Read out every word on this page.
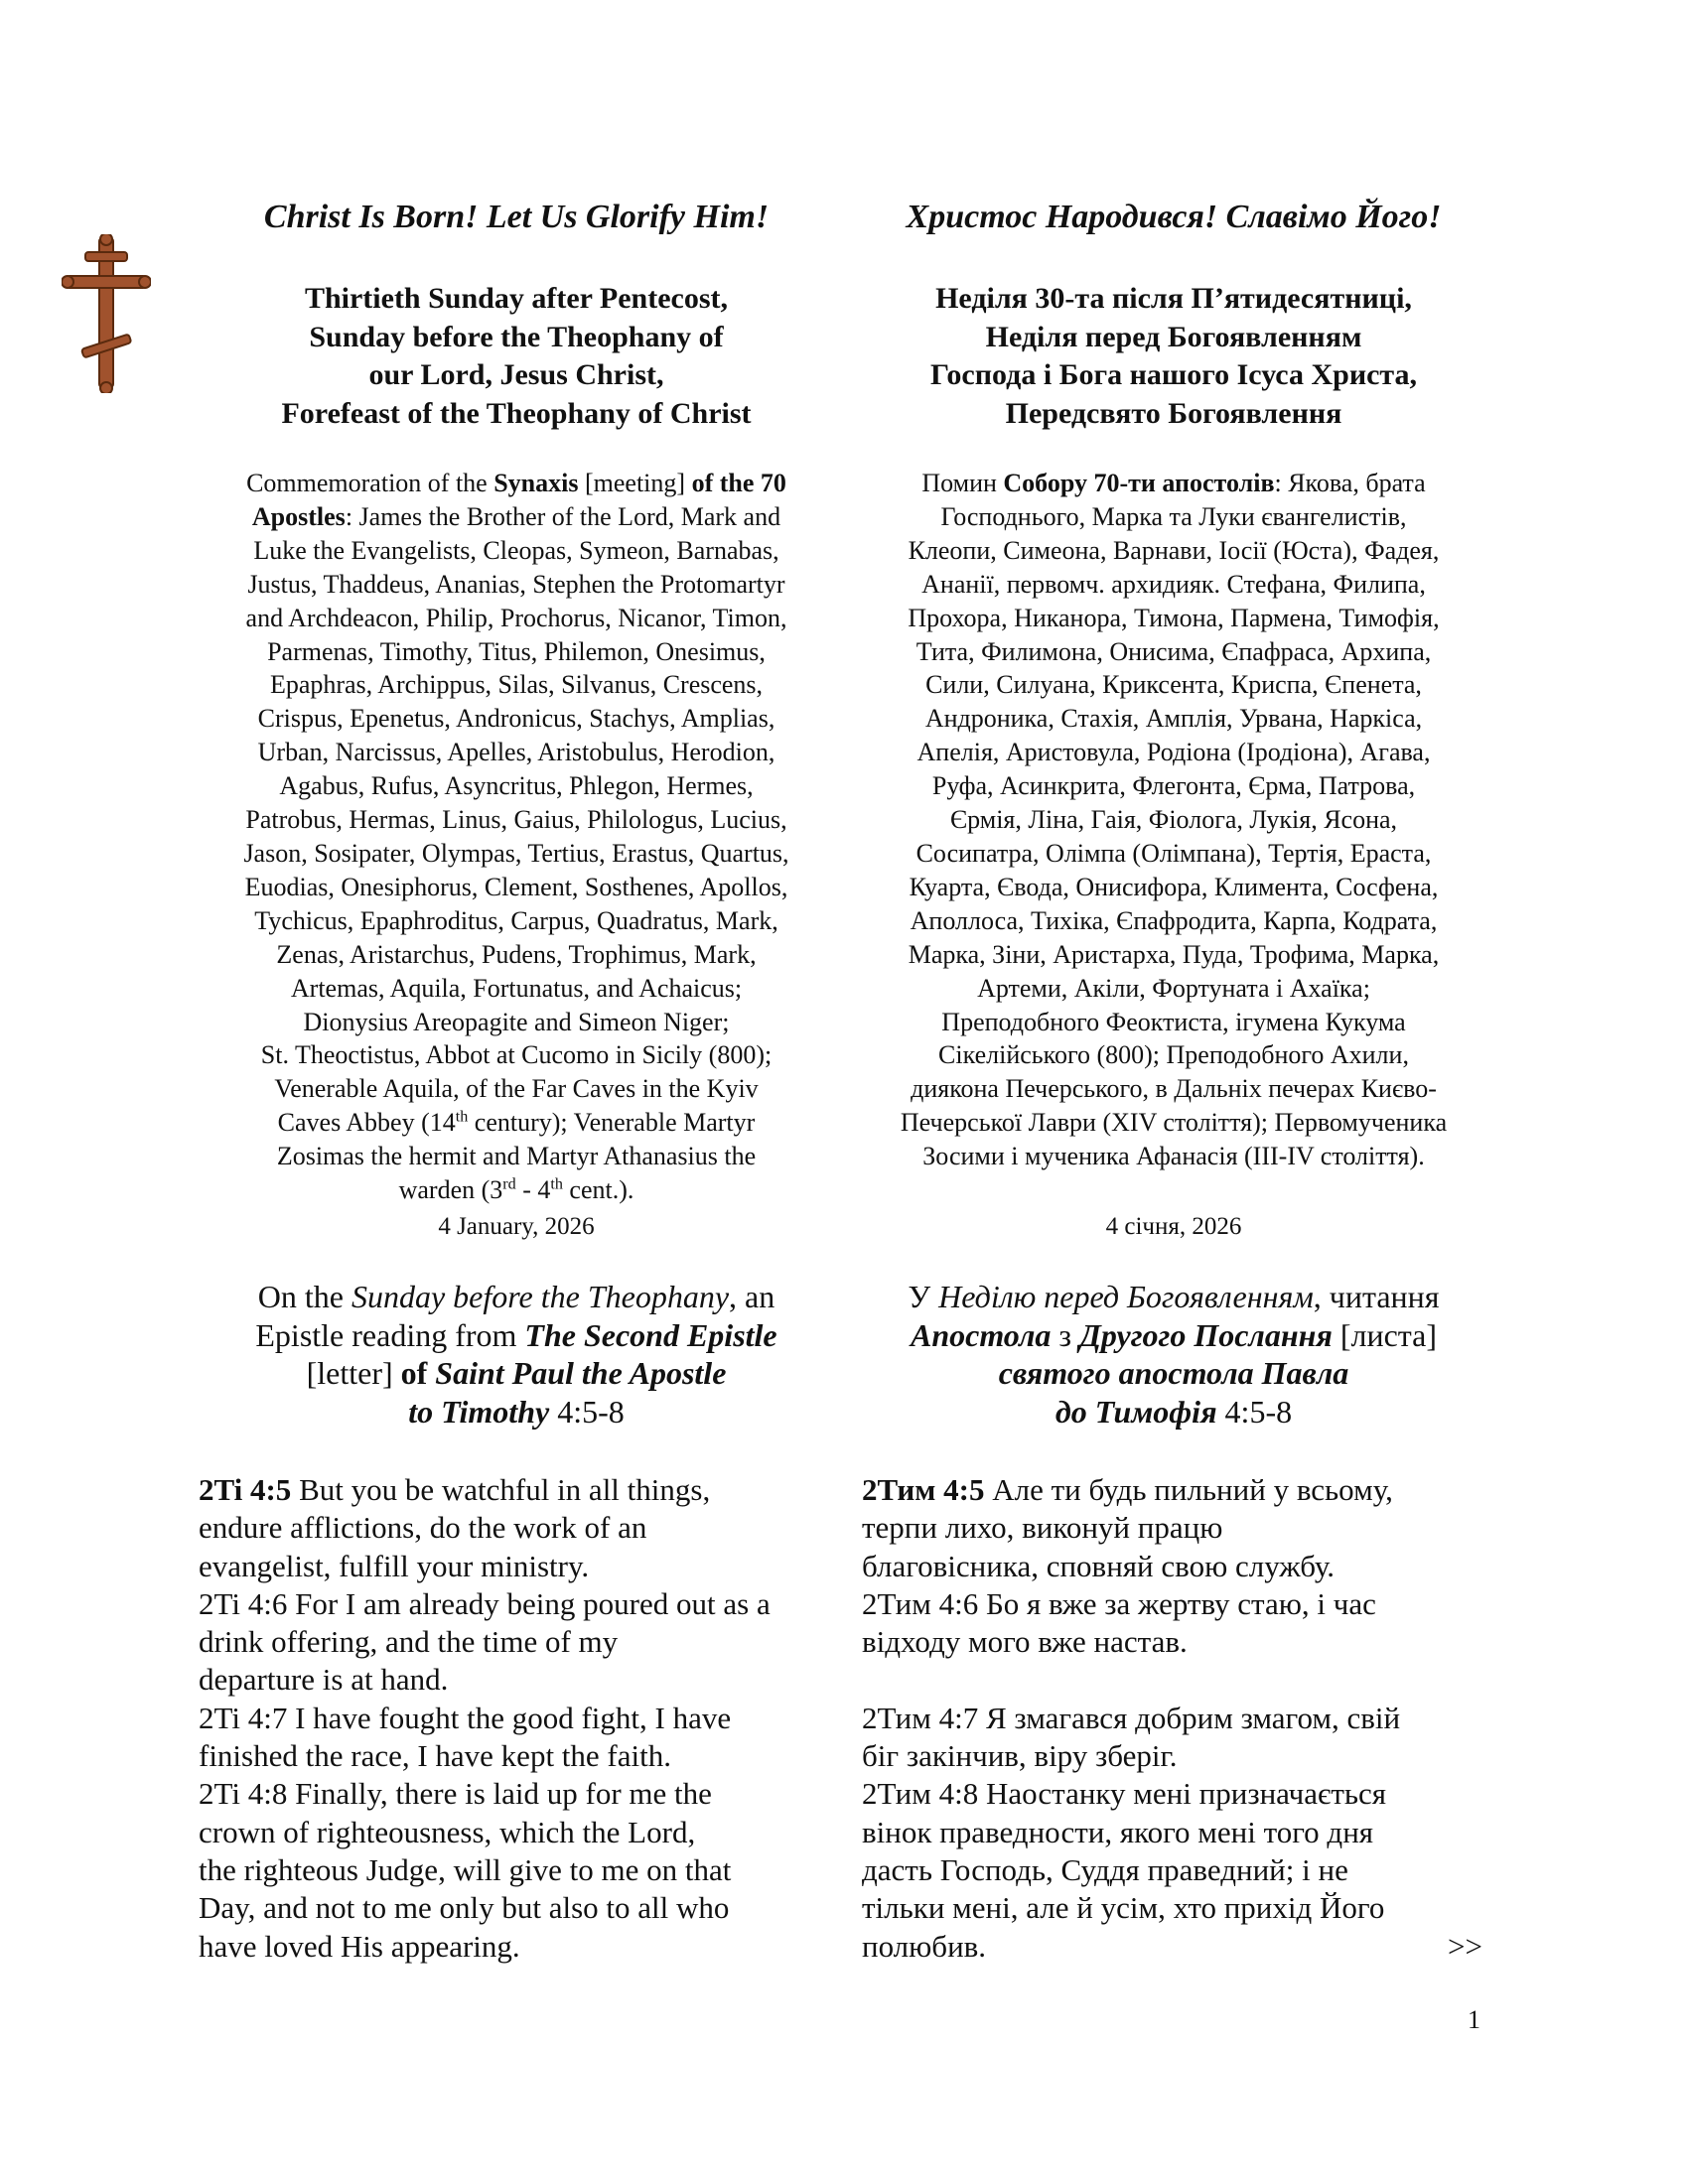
Christ Is Born! Let Us Glorify Him!
Thirtieth Sunday after Pentecost,
Sunday before the Theophany of
our Lord, Jesus Christ,
Forefeast of the Theophany of Christ
Commemoration of the Synaxis [meeting] of the 70
Apostles: James the Brother of the Lord, Mark and
Luke the Evangelists, Cleopas, Symeon, Barnabas,
Justus, Thaddeus, Ananias, Stephen the Protomartyr
and Archdeacon, Philip, Prochorus, Nicanor, Timon,
Parmenas, Timothy, Titus, Philemon, Onesimus,
Epaphras, Archippus, Silas, Silvanus, Crescens,
Crispus, Epenetus, Andronicus, Stachys, Amplias,
Urban, Narcissus, Apelles, Aristobulus, Herodion,
Agabus, Rufus, Asyncritus, Phlegon, Hermes,
Patrobus, Hermas, Linus, Gaius, Philologus, Lucius,
Jason, Sosipater, Olympas, Tertius, Erastus, Quartus,
Euodias, Onesiphorus, Clement, Sosthenes, Apollos,
Tychicus, Epaphroditus, Carpus, Quadratus, Mark,
Zenas, Aristarchus, Pudens, Trophimus, Mark,
Artemas, Aquila, Fortunatus, and Achaicus;
Dionysius Areopagite and Simeon Niger;
St. Theoctistus, Abbot at Cucomo in Sicily (800);
Venerable Aquila, of the Far Caves in the Kyiv
Caves Abbey (14th century); Venerable Martyr
Zosimas the hermit and Martyr Athanasius the
warden (3rd - 4th cent.).
4 January, 2026
On the Sunday before the Theophany, an
Epistle reading from The Second Epistle
[letter] of Saint Paul the Apostle
to Timothy 4:5-8
2Ti 4:5 But you be watchful in all things,
endure afflictions, do the work of an
evangelist, fulfill your ministry.
2Ti 4:6 For I am already being poured out as a
drink offering, and the time of my
departure is at hand.
2Ti 4:7 I have fought the good fight, I have
finished the race, I have kept the faith.
2Ti 4:8 Finally, there is laid up for me the
crown of righteousness, which the Lord,
the righteous Judge, will give to me on that
Day, and not to me only but also to all who
have loved His appearing.
Христос Народився! Славімо Його!
Неділя 30-та після П’ятидесятниці,
Неділя перед Богоявленням
Господа і Бога нашого Ісуса Христа,
Передсвято Богоявлення
Помин Собору 70-ти апостолів: Якова, брата
Господнього, Марка та Луки євангелистів,
Клеопи, Симеона, Варнави, Іосії (Юста), Фадея,
Ананії, первомч. архидияк. Стефана, Филипа,
Прохора, Никанора, Тимона, Пармена, Тимофія,
Тита, Филимона, Онисима, Єпафраса, Архипа,
Сили, Силуана, Криксента, Криспа, Єпенета,
Андроника, Стахія, Амплія, Урвана, Наркіса,
Апелія, Аристовула, Родіона (Іродіона), Агава,
Руфа, Асинкрита, Флегонта, Єрма, Патрова,
Єрмія, Ліна, Гаія, Фіолога, Лукія, Ясона,
Сосипатра, Олімпа (Олімпана), Тертія, Ераста,
Куарта, Євода, Онисифора, Климента, Сосфена,
Аполлоса, Тихіка, Єпафродита, Карпа, Кодрата,
Марка, Зіни, Аристарха, Пуда, Трофима, Марка,
Артеми, Акіли, Фортуната і Ахаїка;
Преподобного Феоктиста, ігумена Кукума
Сікелійського (800); Преподобного Ахили,
диякона Печерського, в Дальніх печерах Києво-
Печерської Лаври (XIV століття); Первомученика
Зосими і мученика Афанасія (III-IV століття).
4 січня, 2026
У Неділю перед Богоявленням, читання
Апостола з Другого Послання [листа]
святого апостола Павла
до Тимофія 4:5-8
2Тим 4:5 Але ти будь пильний у всьому,
терпи лихо, виконуй працю
благовісника, сповняй свою службу.
2Тим 4:6 Бо я вже за жертву стаю, і час
відходу мого вже настав.

2Тим 4:7 Я змагався добрим змагом, свій
біг закінчив, віру зберіг.
2Тим 4:8 Наостанку мені призначається
вінок праведности, якого мені того дня
дасть Господь, Суддя праведний; і не
тільки мені, але й усім, хто прихід Його
полюбив.	>>
1
